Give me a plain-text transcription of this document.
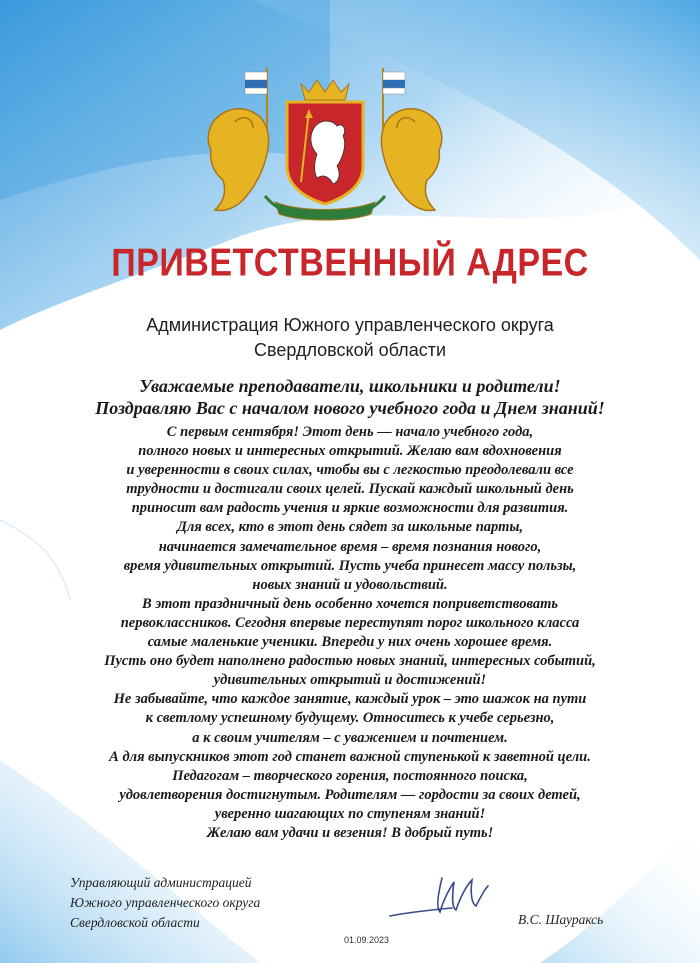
ПРИВЕТСТВЕННЫЙ АДРЕС
Администрация Южного управленческого округа
Свердловской области
Уважаемые преподаватели, школьники и родители!
Поздравляю Вас с началом нового учебного года и Днем знаний!
С первым сентября! Этот день — начало учебного года,
полного новых и интересных открытий. Желаю вам вдохновения
и уверенности в своих силах, чтобы вы с легкостью преодолевали все
трудности и достигали своих целей. Пускай каждый школьный день
приносит вам радость учения и яркие возможности для развития.
Для всех, кто в этот день сядет за школьные парты,
начинается замечательное время – время познания нового,
время удивительных открытий. Пусть учеба принесет массу пользы,
новых знаний и удовольствий.
В этот праздничный день особенно хочется поприветствовать
первоклассников. Сегодня впервые переступят порог школьного класса
самые маленькие ученики. Впереди у них очень хорошее время.
Пусть оно будет наполнено радостью новых знаний, интересных событий,
удивительных открытий и достижений!
Не забывайте, что каждое занятие, каждый урок – это шажок на пути
к светлому успешному будущему. Относитесь к учебе серьезно,
а к своим учителям – с уважением и почтением.
А для выпускников этот год станет важной ступенькой к заветной цели.
Педагогам – творческого горения, постоянного поиска,
удовлетворения достигнутым. Родителям — гордости за своих детей,
уверенно шагающих по ступеням знаний!
Желаю вам удачи и везения! В добрый путь!
Управляющий администрацией
Южного управленческого округа
Свердловской области	В.С. Шаураксь
01.09.2023
